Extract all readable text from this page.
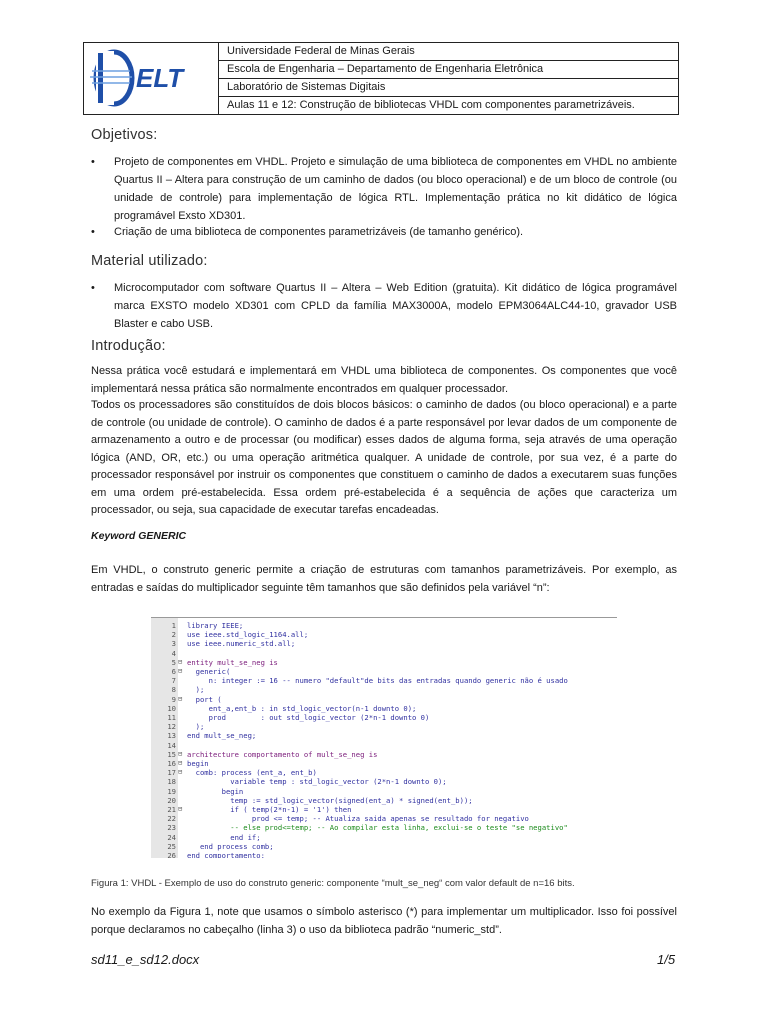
ELT
Universidade Federal de Minas Gerais
Escola de Engenharia – Departamento de Engenharia Eletrônica
Laboratório de Sistemas Digitais
Aulas 11 e 12: Construção de bibliotecas VHDL com componentes parametrizáveis.
Objetivos:
• Projeto de componentes em VHDL. Projeto e simulação de uma biblioteca de componentes em VHDL no ambiente Quartus II – Altera para construção de um caminho de dados (ou bloco operacional) e de um bloco de controle (ou unidade de controle) para implementação de lógica RTL. Implementação prática no kit didático de lógica programável Exsto XD301.
• Criação de uma biblioteca de componentes parametrizáveis (de tamanho genérico).
Material utilizado:
• Microcomputador com software Quartus II – Altera – Web Edition (gratuita). Kit didático de lógica programável marca EXSTO modelo XD301 com CPLD da família MAX3000A, modelo EPM3064ALC44-10, gravador USB Blaster e cabo USB.
Introdução:
Nessa prática você estudará e implementará em VHDL uma biblioteca de componentes. Os componentes que você implementará nessa prática são normalmente encontrados em qualquer processador.
Todos os processadores são constituídos de dois blocos básicos: o caminho de dados (ou bloco operacional) e a parte de controle (ou unidade de controle). O caminho de dados é a parte responsável por levar dados de um componente de armazenamento a outro e de processar (ou modificar) esses dados de alguma forma, seja através de uma operação lógica (AND, OR, etc.) ou uma operação aritmética qualquer. A unidade de controle, por sua vez, é a parte do processador responsável por instruir os componentes que constituem o caminho de dados a executarem suas funções em uma ordem pré-estabelecida. Essa ordem pré-estabelecida é a sequência de ações que caracteriza um processador, ou seja, sua capacidade de executar tarefas encadeadas.
Keyword GENERIC
Em VHDL, o construto generic permite a criação de estruturas com tamanhos parametrizáveis. Por exemplo, as entradas e saídas do multiplicador seguinte têm tamanhos que são definidos pela variável “n”:
1 library IEEE;
2 use ieee.std_logic_1164.all;
3 use ieee.numeric_std.all;
4
5 ⊟ entity mult_se_neg is
6 ⊟ generic(
7 n: integer := 16 -- numero "default"de bits das entradas quando generic não é usado
8 );
9 ⊟ port (
10 ent_a,ent_b : in std_logic_vector(n-1 downto 0);
11 prod        : out std_logic_vector (2*n-1 downto 0)
12 );
13 end mult_se_neg;
14
15 ⊟ architecture comportamento of mult_se_neg is
16 ⊟ begin
17 ⊟ comb: process (ent_a, ent_b)
18 variable temp : std_logic_vector (2*n-1 downto 0);
19 begin
20 temp := std_logic_vector(signed(ent_a) * signed(ent_b));
21 ⊟ if ( temp(2*n-1) = '1') then
22 prod <= temp; -- Atualiza saida apenas se resultado for negativo
23 -- else prod<=temp; -- Ao compilar esta linha, exclui-se o teste "se negativo"
24 end if;
25 end process comb;
26 end comportamento;
Figura 1: VHDL - Exemplo de uso do construto generic: componente “mult_se_neg“ com valor default de n=16 bits.
No exemplo da Figura 1, note que usamos o símbolo asterisco (*) para implementar um multiplicador. Isso foi possível porque declaramos no cabeçalho (linha 3) o uso da biblioteca padrão “numeric_std”.
sd11_e_sd12.docx	1/5
